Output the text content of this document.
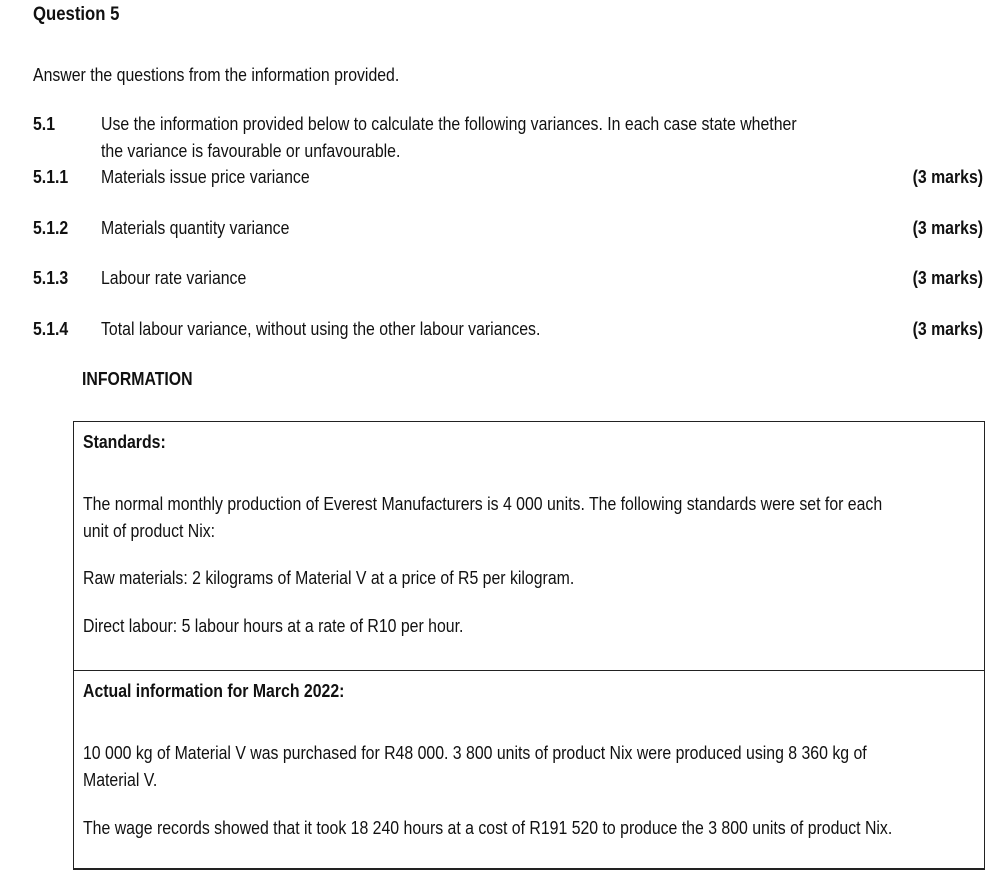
Question 5
Answer the questions from the information provided.
5.1	Use the information provided below to calculate the following variances. In each case state whether
the variance is favourable or unfavourable.
5.1.1 Materials issue price variance	(3 marks)
5.1.2 Materials quantity variance	(3 marks)
5.1.3 Labour rate variance	(3 marks)
5.1.4 Total labour variance, without using the other labour variances.	(3 marks)
INFORMATION
Standards:
The normal monthly production of Everest Manufacturers is 4 000 units. The following standards were set for each
unit of product Nix:
Raw materials: 2 kilograms of Material V at a price of R5 per kilogram.
Direct labour: 5 labour hours at a rate of R10 per hour.
Actual information for March 2022:
10 000 kg of Material V was purchased for R48 000. 3 800 units of product Nix were produced using 8 360 kg of
Material V.
The wage records showed that it took 18 240 hours at a cost of R191 520 to produce the 3 800 units of product Nix.
